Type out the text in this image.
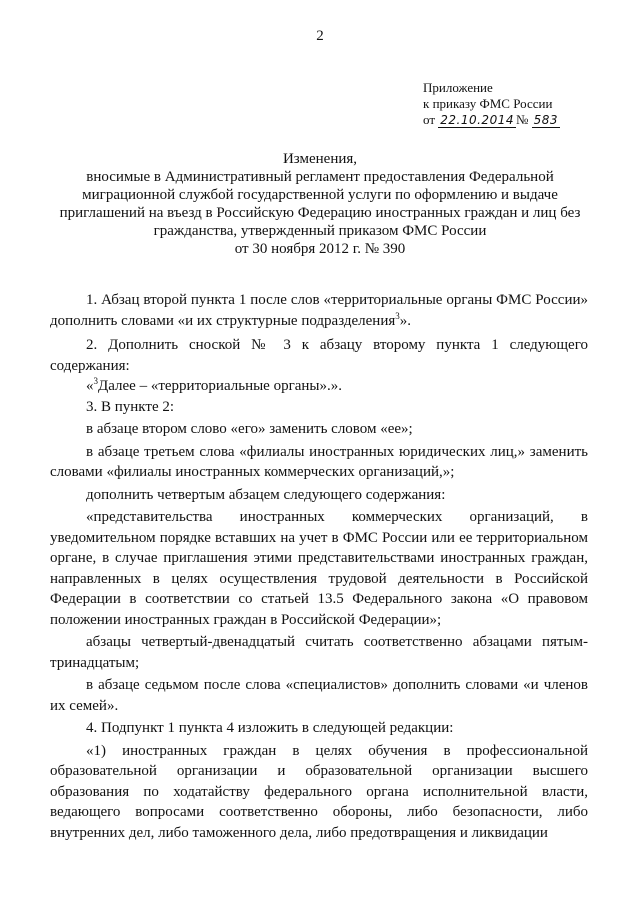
2
Приложение
к приказу ФМС России
от 22.10.2014 № 583
Изменения,
вносимые в Административный регламент предоставления Федеральной
миграционной службой государственной услуги по оформлению и выдаче
приглашений на въезд в Российскую Федерацию иностранных граждан и лиц без
гражданства, утвержденный приказом ФМС России
от 30 ноября 2012 г. № 390

1. Абзац второй пункта 1 после слов «территориальные органы ФМС России» дополнить словами «и их структурные подразделения$^3$».

2. Дополнить сноской № 3 к абзацу второму пункта 1 следующего содержания:

«$^3$Далее – «территориальные органы».».

3. В пункте 2:

в абзаце втором слово «его» заменить словом «ее»;

в абзаце третьем слова «филиалы иностранных юридических лиц,» заменить словами «филиалы иностранных коммерческих организаций,»;

дополнить четвертым абзацем следующего содержания:

«представительства иностранных коммерческих организаций, в уведомительном порядке вставших на учет в ФМС России или ее территориальном органе, в случае приглашения этими представительствами иностранных граждан, направленных в целях осуществления трудовой деятельности в Российской Федерации в соответствии со статьей 13.5 Федерального закона «О правовом положении иностранных граждан в Российской Федерации»;

абзацы четвертый-двенадцатый считать соответственно абзацами пятым-тринадцатым;

в абзаце седьмом после слова «специалистов» дополнить словами «и членов их семей».

4. Подпункт 1 пункта 4 изложить в следующей редакции:

«1) иностранных граждан в целях обучения в профессиональной образовательной организации и образовательной организации высшего образования по ходатайству федерального органа исполнительной власти, ведающего вопросами соответственно обороны, либо безопасности, либо внутренних дел, либо таможенного дела, либо предотвращения и ликвидации
